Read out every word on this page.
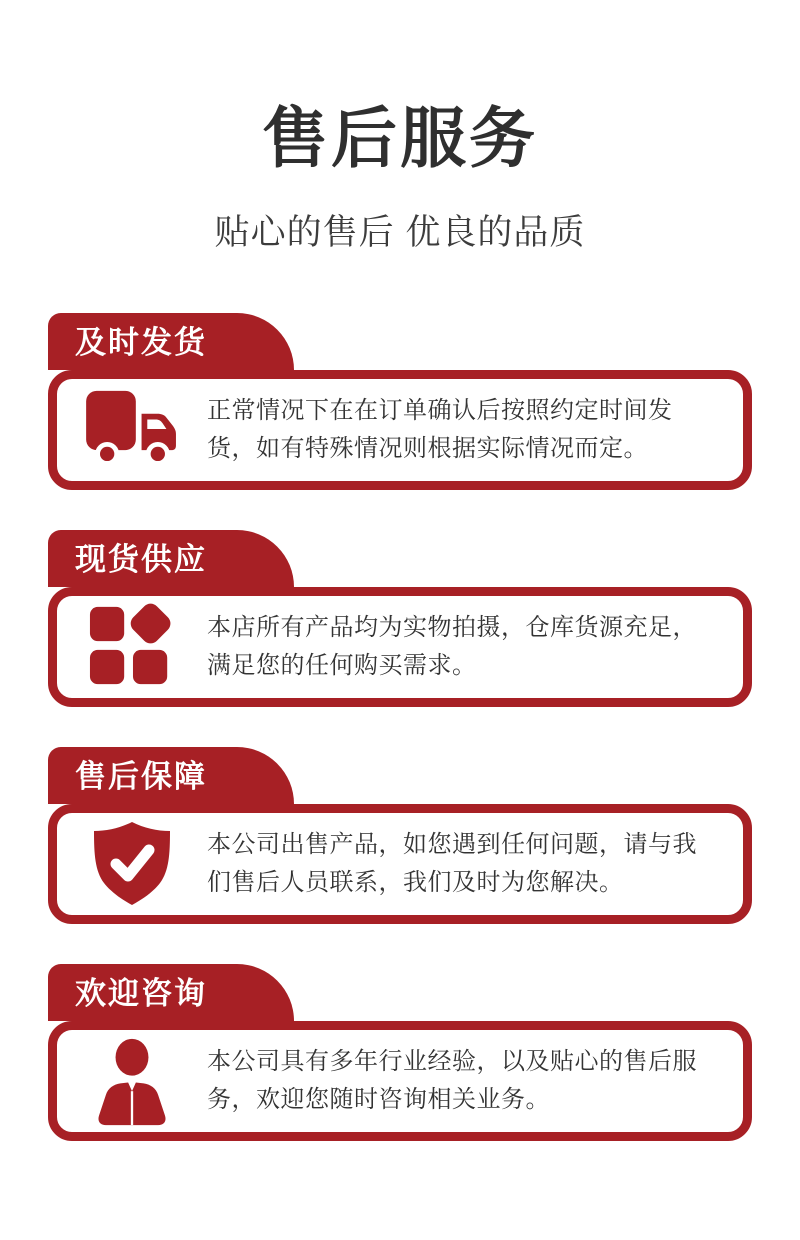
售后服务
贴心的售后 优良的品质
及时发货
正常情况下在在订单确认后按照约定时间发货，如有特殊情况则根据实际情况而定。
现货供应
本店所有产品均为实物拍摄，仓库货源充足，满足您的任何购买需求。
售后保障
本公司出售产品，如您遇到任何问题，请与我们售后人员联系，我们及时为您解决。
欢迎咨询
本公司具有多年行业经验，以及贴心的售后服务，欢迎您随时咨询相关业务。
